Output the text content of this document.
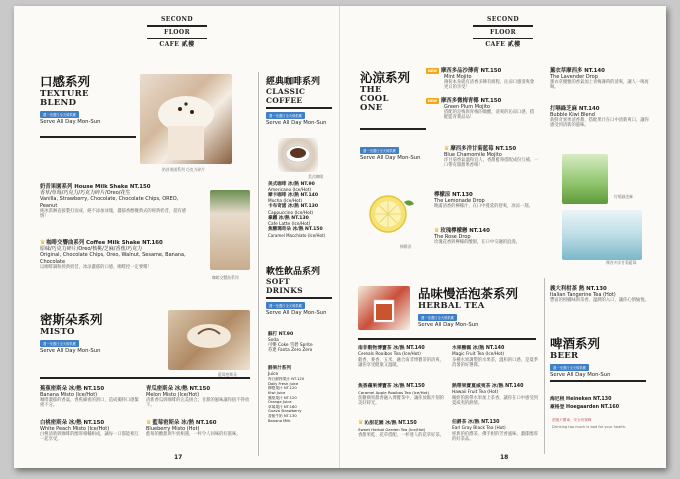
SECOND
FLOOR
CAFE 貳樓
口感系列
TEXTURE
BLEND
週一至週日全天候供應
Serve All Day Mon-Sun
奶昔果園系列 巧克力碎片
奶昔果園系列 House Milk Shake NT.150
香草/草莓/巧克力/巧克力碎片/Oreo/花生
Vanilla, Strawberry, Chocolate, Chocolate Chips, OREO, Peanut
純冰淇淋直接製打而成，絕不添加冰塊，濃郁香醇餐典式的經典奶昔，超有感情！
♛咖啡交響曲系列 Coffee Milk Shake NT.160
原味/巧克力碎片/Oreo/核桃/芝麻/香蕉/巧克力
Original, Chocolate Chips, Oreo, Walnut, Sesame, Banana, Chocolate
以咖啡調和經典奶昔，冰涼濃郁的口感，咖啡控一定要嚐！
咖啡交響曲系列
密斯朵系列
MISTO
週一至週日全天候供應
Serve All Day Mon-Sun
藍莓密斯朵
蕉蕉密斯朵 冰/熱 NT.150
Banana Misto (Ice/Hot)
咖啡濃郁的香氣，香蕉細密的滑口，造成獨特口感緊密不分。
青瓜密斯朵 冰/熱 NT.150
Melon Misto (Ice/Hot)
清新香瓜與咖啡的完美組合，甘甜的風味讓你捨不得放下。
白桃密斯朵 冰/熱 NT.150
White Peach Misto (Ice/Hot)
白桃清新與咖啡的醇厚相輔相成，讓每一口都能相互一起享受。
♛藍莓密斯朵 冰/熱 NT.160
Blueberry Misto (Hot)
藍莓的酸甜與牛奶相遇，一杯令人回味的好滋味。
經典咖啡系列
CLASSIC
COFFEE
週一至週日全天候供應
Serve All Day Mon-Sun
美式咖啡
美式咖啡 冰/熱 NT.90
Americano (Ice/Hot)
摩卡咖啡 冰/熱 NT.140
Mocha (Ice/Hot)
卡布奇諾 冰/熱 NT.130
Cappuccino (Ice/Hot)
拿鐵 冰/熱 NT.130
Cafe Latte (Ice/Hot)
焦糖瑪奇朵 冰/熱 NT.150
Caramel Macchiato (Ice/Hot)
軟性飲品系列
SOFT
DRINKS
週一至週日全天候供應
Serve All Day Mon-Sun
蘇打 NT.90
Soda
可樂 Coke 雪碧 Sprite
芬達 Fanta Zero Zero
鮮果汁系列
Juice
每日鮮榨果汁 NT.120
Daily Fresh Juice
柳橙果汁 NT.120
Kiwi Juice
鳳梨果汁 NT.120
Orange Juice
草莓果汁 NT.160
Guava Strawberry
香蕉牛奶 NT.130
Banana Milk
17
SECOND
FLOOR
CAFE 貳樓
沁涼系列
THE
COOL
ONE
NEW 摩西多品沙薄荷 NT.150
Mint Mojito
薄荷本身就有清香多陳有組程，沁涼口感清爽會更日的享受！
NEW 摩西多微梅青椰 NT.150
Green Plum Mojito
搭配的是梅與青梅的微酸，清爽的沁涼口感，搭配監青菜品品！
週一至週日全天候供應
Serve All Day Mon-Sun
♛摩西多洋甘菊藍莓 NT.150
Blue Chamomile Mojito
洋甘菊香氣溫和宜人，香甜藍莓搭配成份互補，一口帶有甜甜果香喝！
檸檬涼
檸檬涼 NT.130
The Lemonade Drop
飽滿清香的檸檬汁，在口中蔓延的舒爽，冰涼一刻。
♛玫瑰檸檬戀 NT.140
The Rose Drop
玫瑰花香與檸檬的酸甜，在口中交融的浪漫。
薰衣草摩西多 NT.140
The Lavender Drop
薰衣草優雅的香氣加上青梅薄荷的清爽，讓人一喝再喝。
打嗝綠芝麻 NT.140
Bubble Kiwi Blend
新鮮奇異果清香甜，搭配果汁在口中清新爽口，讓你感受到清新的滋味。
打嗝綠芝麻
摩西多洋甘菊藍莓
品味慢活泡茶系列
HERBAL TEA
週一至週日全天候供應
Serve All Day Mon-Sun
南非穀物博寶茶 冰/熱 NT.140
Cereals Rooibos Tea (Ice/Hot)
穀香、麥香、五米、融合南非博寶茶的清爽，讓你享受健康又溫暖。
水果糖霜 冰/熱 NT.140
Magic Fruit Tea (Ice/Hot)
多種水果調製的水果茶，溫和的口感，是夏季消暑的好選擇。
焦香蘋果博寶茶 冰/熱 NT.150
Caramel Apple Rooibos Tea (Ice/Hot)
焦糖蘋果甜香融入博寶茶中，讓你放鬆片刻的美好時光。
熱帶果實夏威夷茶 冰/熱 NT.140
Hawaii Fruit Tea (Hot)
繽紛的熱帶水果加上茶香，讓你在口中感受到夏威夷的熱情。
♛沁甜花園 冰/熱 NT.150
Sweet Herbal Garden Tea (Ice/Hot)
香甜果乾、花草搭配，一杯迷人的花草好茶。
伯爵茶 冰/熱 NT.130
Earl Gray Black Tea (Hot)
經典的伯爵茶，佛手柑的芳香風味，濃郁醇厚的好茶品。
義大利柑茶 熱 NT.130
Italian Tangerine Tea (Hot)
豐富的柑橘味與茶香，溫潤的入口，讓你心情愉悅。
啤酒系列
BEER
週一至週日全天候供應
Serve All Day Mon-Sun
海尼根 Heineken NT.130
豪格登 Hoegaarden NT.160
酒後不開車，安全有保障
Drinking too much is bad for your health.
18
